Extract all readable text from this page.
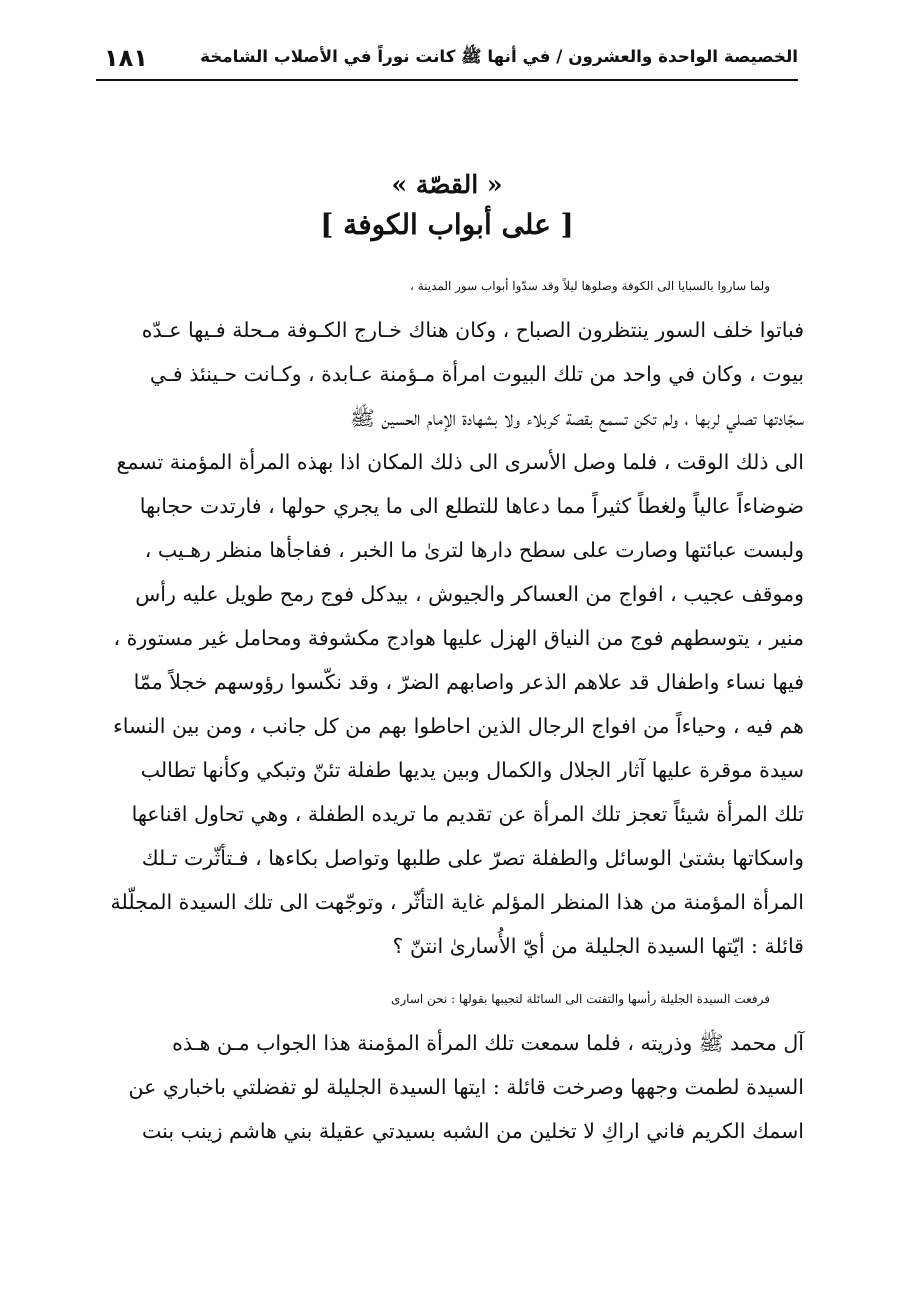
الخصيصة الواحدة والعشرون / في أنها ﷺ كانت نوراً في الأصلاب الشامخة
١٨١
« القصّة »
[ على أبواب الكوفة ]
ولما ساروا بالسبايا الى الكوفة وصلوها ليلاً وقد سدّوا أبواب سور المدينة ،
فباتوا خلف السور ينتظرون الصباح ، وكان هناك خـارج الكـوفة مـحلة فـيها عـدّه
بيوت ، وكان في واحد من تلك البيوت امرأة مـؤمنة عـابدة ، وكـانت حـينئذ فـي
سجّادتها تصلي لربها ، ولم تكن تسمع بقصة كربلاء ولا بشهادة الإمام الحسين ﷺ
الى ذلك الوقت ، فلما وصل الأسرى الى ذلك المكان اذا بهذه المرأة المؤمنة تسمع
ضوضاءاً عالياً ولغطاً كثيراً مما دعاها للتطلع الى ما يجري حولها ، فارتدت حجابها
ولبست عبائتها وصارت على سطح دارها لترىٰ ما الخبر ، ففاجأها منظر رهـيب ،
وموقف عجيب ، افواج من العساكر والجيوش ، بيدكل فوج رمح طويل عليه رأس
منير ، يتوسطهم فوج من النياق الهزل عليها هوادج مكشوفة ومحامل غير مستورة ،
فيها نساء واطفال قد علاهم الذعر واصابهم الضرّ ، وقد نكّسوا رؤوسهم خجلاً ممّا
هم فيه ، وحياءاً من افواج الرجال الذين احاطوا بهم من كل جانب ، ومن بين النساء
سيدة موقرة عليها آثار الجلال والكمال وبين يديها طفلة تئنّ وتبكي وكأنها تطالب
تلك المرأة شيئاً تعجز تلك المرأة عن تقديم ما تريده الطفلة ، وهي تحاول اقناعها
واسكاتها بشتىٰ الوسائل والطفلة تصرّ على طلبها وتواصل بكاءها ، فـتأثّرت تـلك
المرأة المؤمنة من هذا المنظر المؤلم غاية التأثّر ، وتوجّهت الى تلك السيدة المجلّلة
قائلة : ايّتها السيدة الجليلة من أيّ الأُسارىٰ انتنّ ؟
فرفعت السيدة الجليلة رأسها والتفتت الى السائلة لتجيبها بقولها : نحن اسارى
آل محمد ﷺ وذريته ، فلما سمعت تلك المرأة المؤمنة هذا الجواب مـن هـذه
السيدة لطمت وجهها وصرخت قائلة : ايتها السيدة الجليلة لو تفضلتي باخباري عن
اسمك الكريم فاني اراكِ لا تخلين من الشبه بسيدتي عقيلة بني هاشم زينب بنت
